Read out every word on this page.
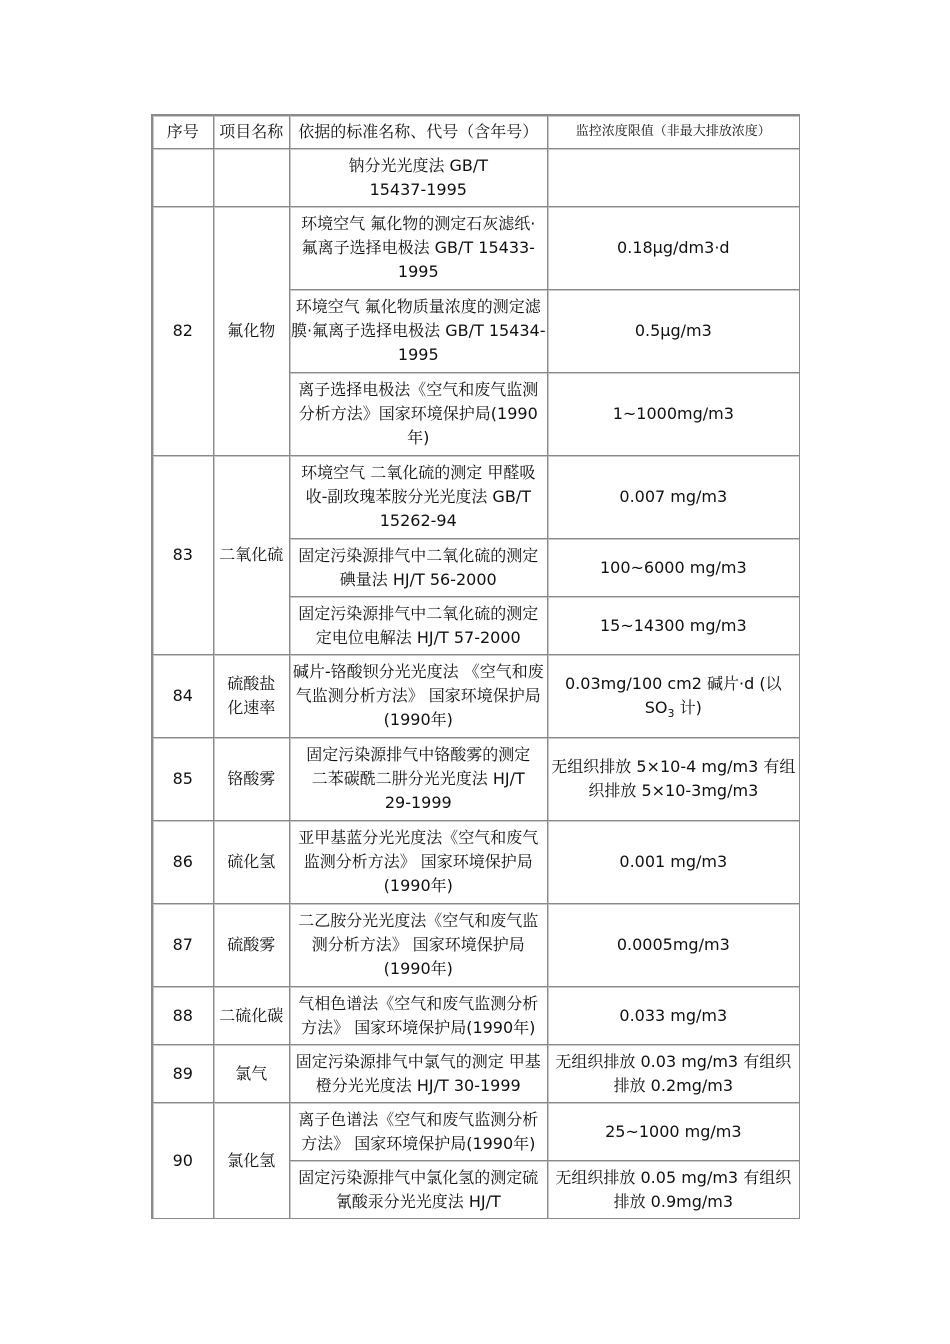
序号	项目名称	依据的标准名称、代号（含年号）	监控浓度限值（非最大排放浓度）
		钠分光光度法 GB/T 15437-1995	
82	氟化物	环境空气 氟化物的测定石灰滤纸·氟离子选择电极法 GB/T 15433-1995	0.18µg/dm3·d
		环境空气 氟化物质量浓度的测定滤膜·氟离子选择电极法 GB/T 15434-1995	0.5µg/m3
		离子选择电极法《空气和废气监测分析方法》国家环境保护局(1990年)	1~1000mg/m3
83	二氧化硫	环境空气 二氧化硫的测定 甲醛吸收-副玫瑰苯胺分光光度法 GB/T 15262-94	0.007 mg/m3
		固定污染源排气中二氧化硫的测定碘量法 HJ/T 56-2000	100~6000 mg/m3
		固定污染源排气中二氧化硫的测定定电位电解法 HJ/T 57-2000	15~14300 mg/m3
84	硫酸盐化速率	碱片-铬酸钡分光光度法 《空气和废气监测分析方法》 国家环境保护局(1990年)	0.03mg/100 cm2 碱片·d (以
$SO_3$ 计)
85	铬酸雾	固定污染源排气中铬酸雾的测定二苯碳酰二肼分光光度法 HJ/T 29-1999	无组织排放 5×10-4 mg/m3 有组织排放 5×10-3mg/m3
86	硫化氢	亚甲基蓝分光光度法《空气和废气监测分析方法》 国家环境保护局(1990年)	0.001 mg/m3
87	硫酸雾	二乙胺分光光度法《空气和废气监测分析方法》 国家环境保护局(1990年)	0.0005mg/m3
88	二硫化碳	气相色谱法《空气和废气监测分析方法》 国家环境保护局(1990年)	0.033 mg/m3
89	氯气	固定污染源排气中氯气的测定 甲基橙分光光度法 HJ/T 30-1999	无组织排放 0.03 mg/m3 有组织排放 0.2mg/m3
90	氯化氢	离子色谱法《空气和废气监测分析方法》 国家环境保护局(1990年)	25~1000 mg/m3
		固定污染源排气中氯化氢的测定硫氰酸汞分光光度法 HJ/T	无组织排放 0.05 mg/m3 有组织排放 0.9mg/m3
